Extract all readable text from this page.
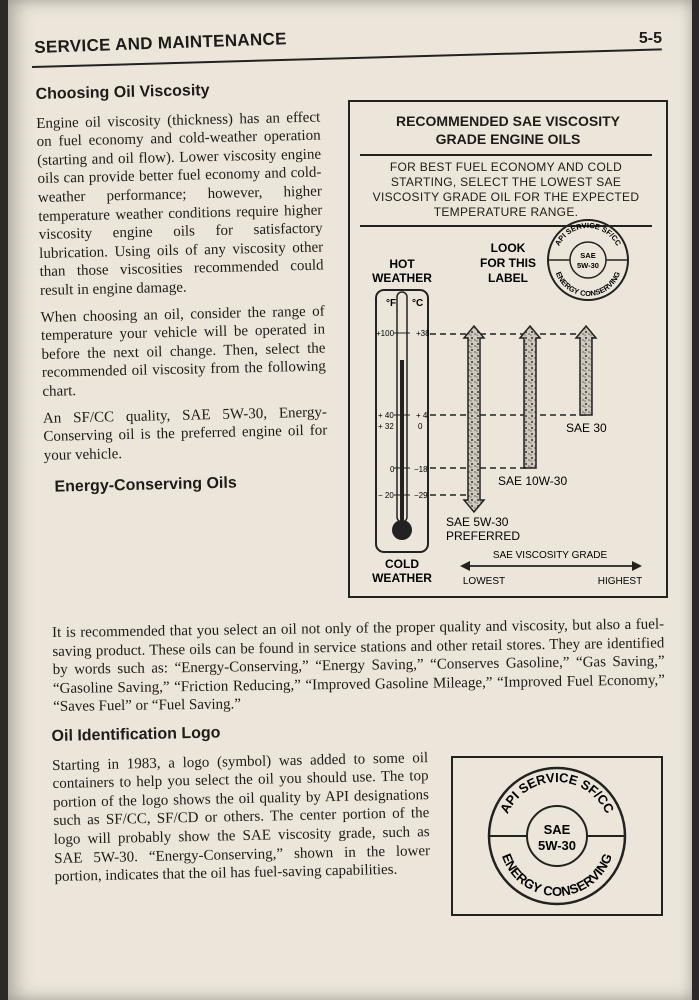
SERVICE AND MAINTENANCE	5-5
Choosing Oil Viscosity

Engine oil viscosity (thickness) has an effect on fuel economy and cold-weather operation (starting and oil flow). Lower viscosity engine oils can provide better fuel economy and cold-weather performance; however, higher temperature weather conditions require higher viscosity engine oils for satisfactory lubrication. Using oils of any viscosity other than those viscosities recommended could result in engine damage.

When choosing an oil, consider the range of temperature your vehicle will be operated in before the next oil change. Then, select the recommended oil viscosity from the following chart.

An SF/CC quality, SAE 5W-30, Energy-Conserving oil is the preferred engine oil for your vehicle.

Energy-Conserving Oils

It is recommended that you select an oil not only of the proper quality and viscosity, but also a fuel-saving product. These oils can be found in service stations and other retail stores. They are identified by words such as: “Energy-Conserving,” “Energy Saving,” “Conserves Gasoline,” “Gas Saving,” “Gasoline Saving,” “Friction Reducing,” “Improved Gasoline Mileage,” “Improved Fuel Economy,” “Saves Fuel” or “Fuel Saving.”

RECOMMENDED SAE VISCOSITY
GRADE ENGINE OILS
FOR BEST FUEL ECONOMY AND COLD STARTING, SELECT THE LOWEST SAE VISCOSITY GRADE OIL FOR THE EXPECTED TEMPERATURE RANGE.
HOT
WEATHER
COLD
WEATHER
LOOK
FOR THIS
LABEL
API SERVICE SF/CC
ENERGY CONSERVING
SAE
5W-30
°F °C
+100	+38
+ 40	+ 4
+ 32	0
0 −18
− 20	−29
SAE 30
SAE 10W-30
SAE 5W-30
PREFERRED
SAE VISCOSITY GRADE
LOWEST	HIGHEST
Oil Identification Logo

Starting in 1983, a logo (symbol) was added to some oil containers to help you select the oil you should use. The top portion of the logo shows the oil quality by API designations such as SF/CC, SF/CD or others. The center portion of the logo will probably show the SAE viscosity grade, such as SAE 5W-30. “Energy-Conserving,” shown in the lower portion, indicates that the oil has fuel-saving capabilities.

API SERVICE SF/CC
ENERGY CONSERVING
SAE
5W-30
